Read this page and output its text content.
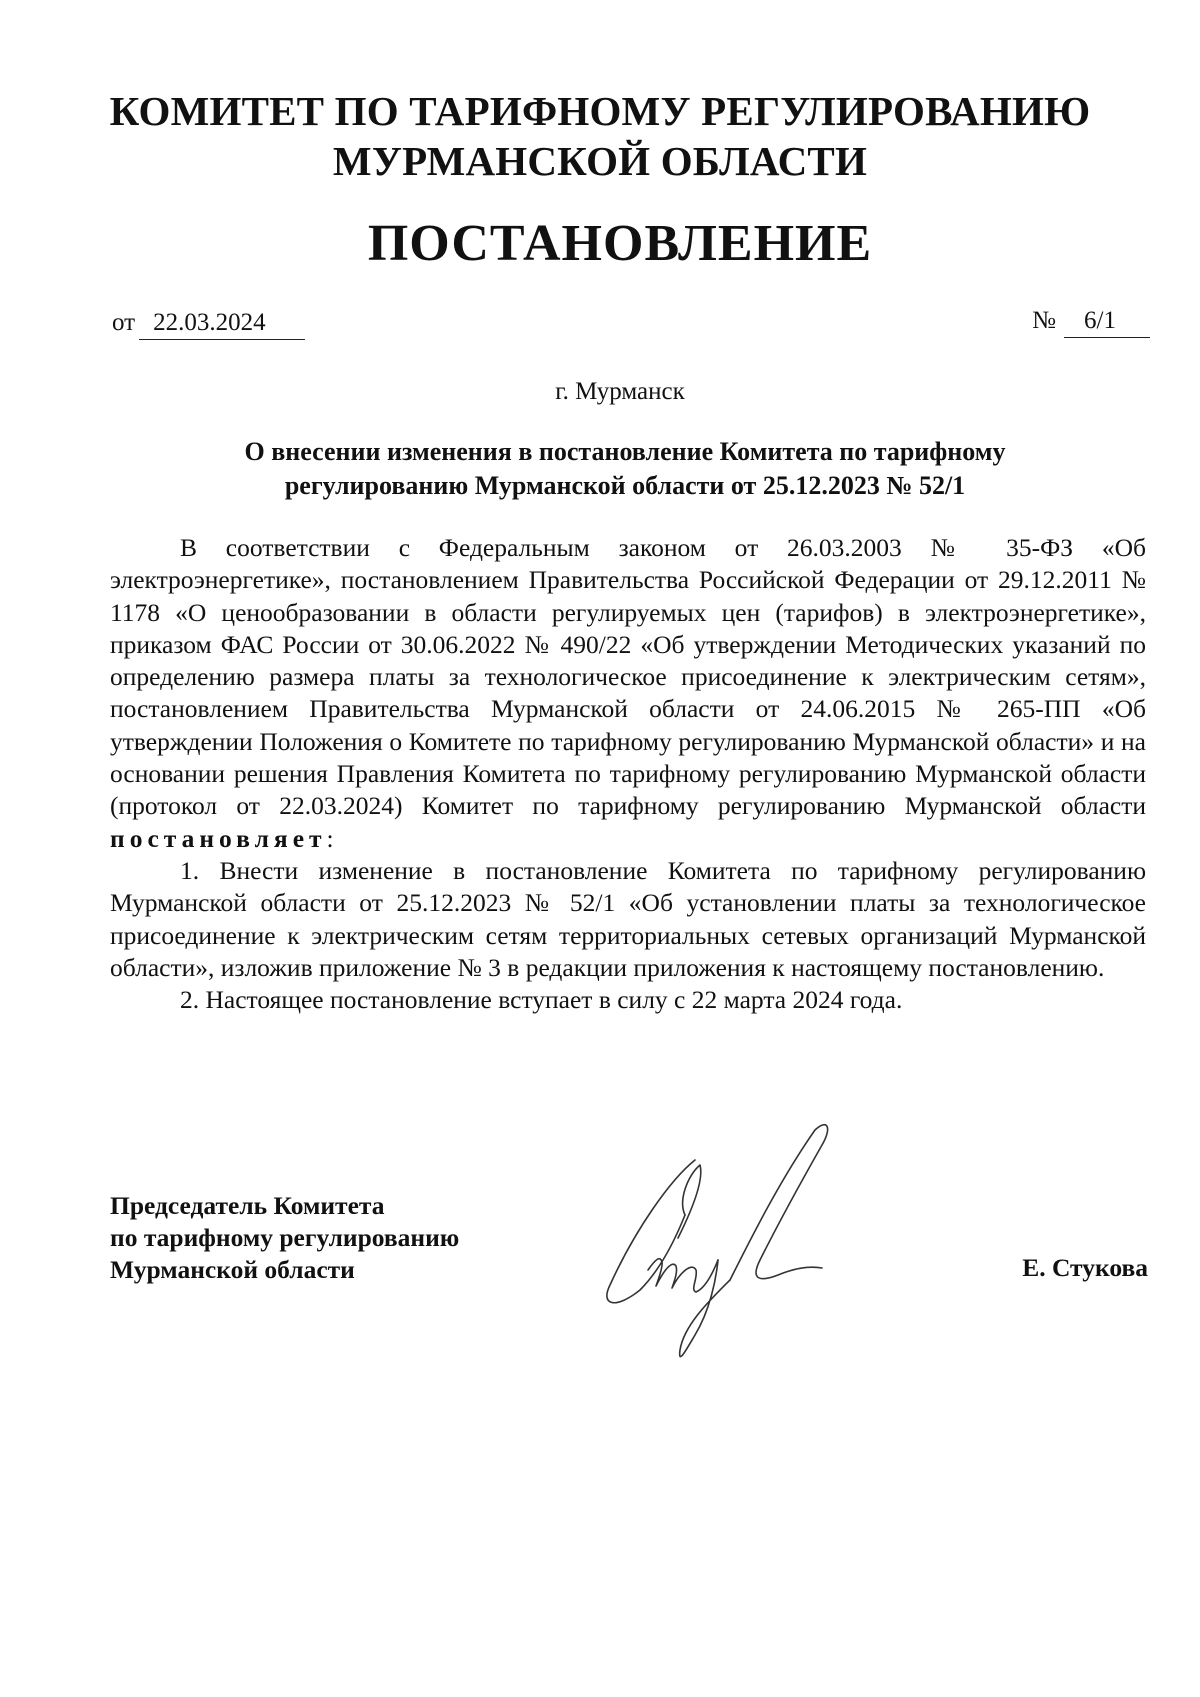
КОМИТЕТ ПО ТАРИФНОМУ РЕГУЛИРОВАНИЮ
МУРМАНСКОЙ ОБЛАСТИ
ПОСТАНОВЛЕНИЕ
от 22.03.2024	№ 6/1
г. Мурманск
О внесении изменения в постановление Комитета по тарифному
регулированию Мурманской области от 25.12.2023 № 52/1

В соответствии с Федеральным законом от 26.03.2003 № 35-ФЗ «Об электроэнергетике», постановлением Правительства Российской Федерации от 29.12.2011 № 1178 «О ценообразовании в области регулируемых цен (тарифов) в электроэнергетике», приказом ФАС России от 30.06.2022 № 490/22 «Об утверждении Методических указаний по определению размера платы за технологическое присоединение к электрическим сетям», постановлением Правительства Мурманской области от 24.06.2015 № 265-ПП «Об утверждении Положения о Комитете по тарифному регулированию Мурманской области» и на основании решения Правления Комитета по тарифному регулированию Мурманской области (протокол от 22.03.2024) Комитет по тарифному регулированию Мурманской области постановляет:

1. Внести изменение в постановление Комитета по тарифному регулированию Мурманской области от 25.12.2023 № 52/1 «Об установлении платы за технологическое присоединение к электрическим сетям территориальных сетевых организаций Мурманской области», изложив приложение № 3 в редакции приложения к настоящему постановлению.

2. Настоящее постановление вступает в силу с 22 марта 2024 года.

Председатель Комитета
по тарифному регулированию
Мурманской области	Е. Стукова
